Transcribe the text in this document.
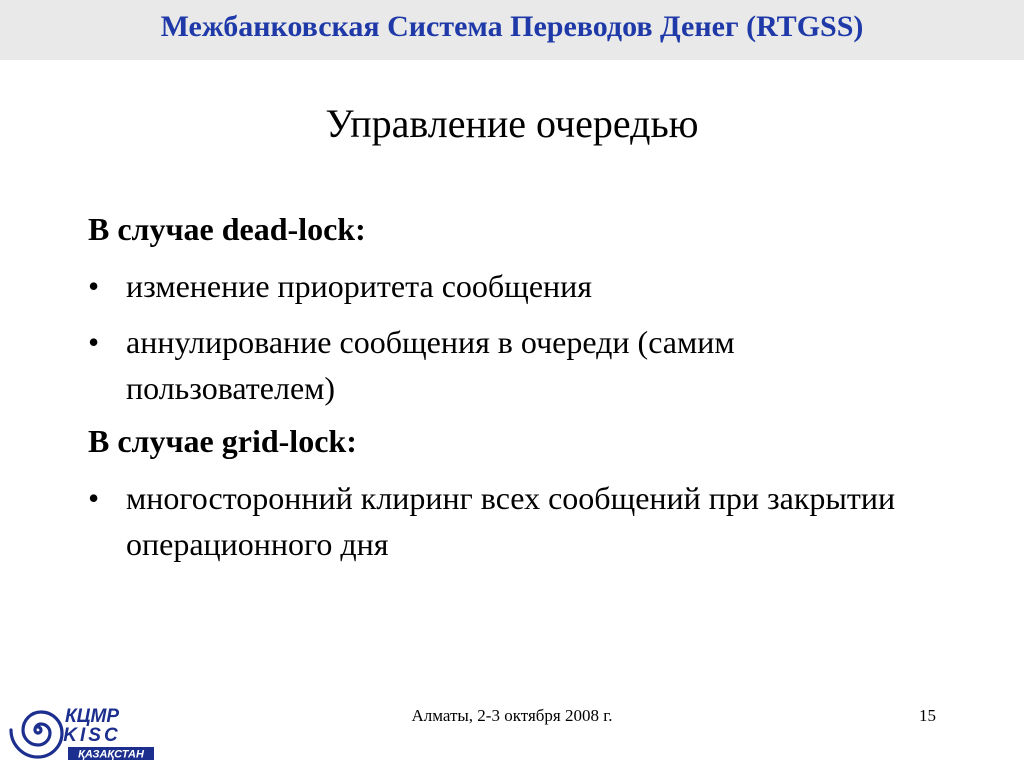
Межбанковская Система Переводов Денег (RTGSS)
Управление очередью
В случае dead-lock:
• изменение приоритета сообщения
• аннулирование сообщения в очереди (самим пользователем)
В случае grid-lock:
• многосторонний клиринг всех сообщений при закрытии операционного дня
КЦМР
KISC
ҚАЗАҚСТАН
Алматы, 2-3 октября 2008 г.	15
